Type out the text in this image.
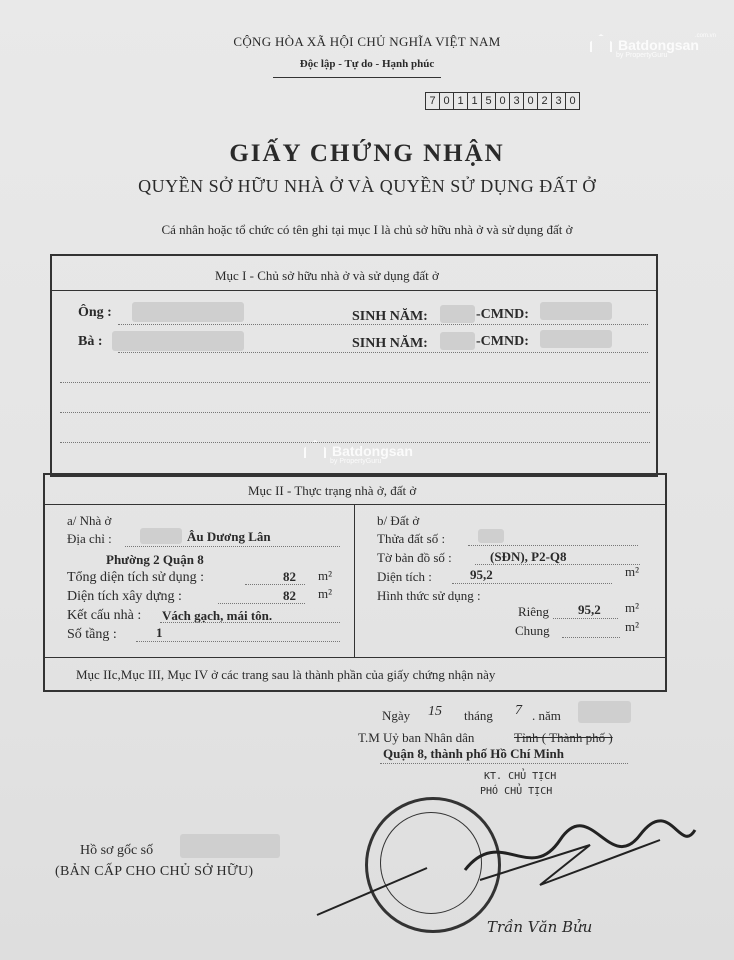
Batdongsan
by PropertyGuru
.com.vn
CỘNG HÒA XÃ HỘI CHỦ NGHĨA VIỆT NAM
Độc lập - Tự do - Hạnh phúc
7 0 1 1 5 0 3 0 2 3 0
GIẤY CHỨNG NHẬN
QUYỀN SỞ HỮU NHÀ Ở VÀ QUYỀN SỬ DỤNG ĐẤT Ở
Cá nhân hoặc tổ chức có tên ghi tại mục I là chủ sở hữu nhà ở và sử dụng đất ở
Mục I - Chủ sở hữu nhà ở và sử dụng đất ở
Ông :	SINH NĂM:	-CMND:
Bà :	SINH NĂM:	-CMND:
Batdongsan
by PropertyGuru
Mục II - Thực trạng nhà ở, đất ở
a/ Nhà ở
Địa chỉ :	Âu Dương Lân
Phường 2 Quận 8
Tổng diện tích sử dụng :	82 m²
Diện tích xây dựng :	82 m²
Kết cấu nhà : Vách gạch, mái tôn.
Số tầng :	1
b/ Đất ở
Thửa đất số :
Tờ bản đồ số :	(SĐN), P2-Q8
Diện tích :	95,2	m²
Hình thức sử dụng :
Riêng 95,2 m²
Chung	m²
Mục IIc,Mục III, Mục IV ở các trang sau là thành phần của giấy chứng nhận này
Ngày 15 tháng 7 . năm
T.M Uỷ ban Nhân dân	Tỉnh ( Thành phố )
Quận 8, thành phố Hồ Chí Minh
KT. CHỦ TỊCH
PHÓ CHỦ TỊCH
Trần Văn Bửu
Hồ sơ gốc số
(BẢN CẤP CHO CHỦ SỞ HỮU)
